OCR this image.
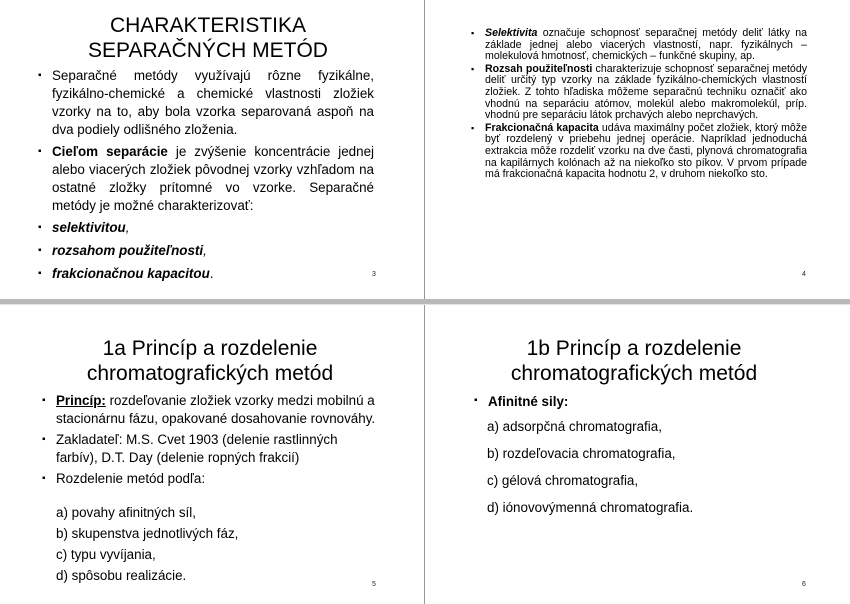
CHARAKTERISTIKA
SEPARAČNÝCH METÓD
▪ Separačné metódy využívajú rôzne fyzikálne, fyzikálno-chemické a chemické vlastnosti zložiek vzorky na to, aby bola vzorka separovaná aspoň na dva podiely odlišného zloženia.
▪ Cieľom separácie je zvýšenie koncentrácie jednej alebo viacerých zložiek pôvodnej vzorky vzhľadom na ostatné zložky prítomné vo vzorke. Separačné metódy je možné charakterizovať:
▪ selektivitou,
▪ rozsahom použiteľnosti,
▪ frakcionačnou kapacitou.	3
▪ Selektivita označuje schopnosť separačnej metódy deliť látky na základe jednej alebo viacerých vlastností, napr. fyzikálnych – molekulová hmotnosť, chemických – funkčné skupiny, ap.
▪ Rozsah použiteľnosti charakterizuje schopnosť separačnej metódy deliť určitý typ vzorky na základe fyzikálno-chemických vlastností zložiek. Z tohto hľadiska môžeme separačnú techniku označiť ako vhodnú na separáciu atómov, molekúl alebo makromolekúl, príp. vhodnú pre separáciu látok prchavých alebo neprchavých.
▪ Frakcionačná kapacita udáva maximálny počet zložiek, ktorý môže byť rozdelený v priebehu jednej operácie. Napríklad jednoduchá extrakcia môže rozdeliť vzorku na dve časti, plynová chromatografia na kapilárnych kolónach až na niekoľko sto píkov. V prvom prípade má frakcionačná kapacita hodnotu 2, v druhom niekoľko sto.
4
1a Princíp a rozdelenie
chromatografických metód
▪ Princíp: rozdeľovanie zložiek vzorky medzi mobilnú a stacionárnu fázu, opakované dosahovanie rovnováhy.
▪ Zakladateľ: M.S. Cvet 1903 (delenie rastlinných farbív), D.T. Day (delenie ropných frakcií)
▪ Rozdelenie metód podľa:
a) povahy afinitných síl,
b) skupenstva jednotlivých fáz,
c) typu vyvíjania,
d) spôsobu realizácie.
5
1b Princíp a rozdelenie
chromatografických metód
▪ Afinitné sily:
a) adsorpčná chromatografia,
b) rozdeľovacia chromatografia,
c) gélová chromatografia,
d) iónovovýmenná chromatografia.
6
